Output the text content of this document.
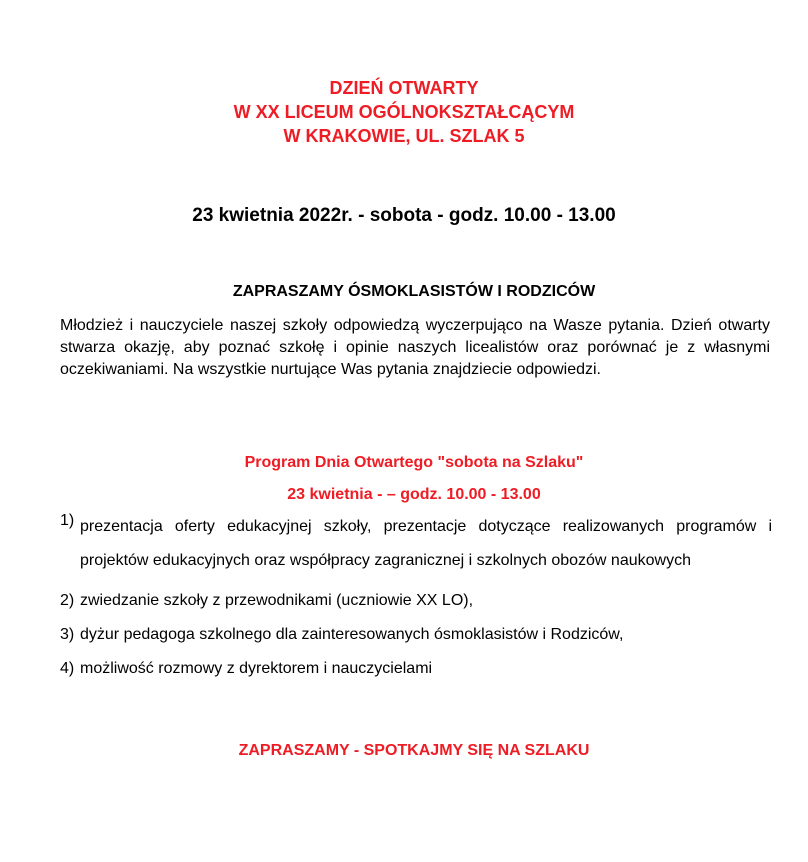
DZIEŃ OTWARTY
W XX LICEUM OGÓLNOKSZTAŁCĄCYM
W KRAKOWIE, UL. SZLAK 5
23 kwietnia 2022r. - sobota - godz. 10.00 - 13.00
ZAPRASZAMY ÓSMOKLASISTÓW I RODZICÓW
Młodzież i nauczyciele naszej szkoły odpowiedzą wyczerpująco na Wasze pytania. Dzień otwarty stwarza okazję, aby poznać szkołę i opinie naszych licealistów oraz porównać je z własnymi oczekiwaniami. Na wszystkie nurtujące Was pytania znajdziecie odpowiedzi.
Program Dnia Otwartego "sobota na Szlaku"
23 kwietnia - – godz. 10.00 - 13.00
1) prezentacja oferty edukacyjnej szkoły, prezentacje dotyczące realizowanych programów i projektów edukacyjnych oraz współpracy zagranicznej i szkolnych obozów naukowych
2) zwiedzanie szkoły z przewodnikami (uczniowie XX LO),
3) dyżur pedagoga szkolnego dla zainteresowanych ósmoklasistów i Rodziców,
4) możliwość rozmowy z dyrektorem i nauczycielami
ZAPRASZAMY - SPOTKAJMY SIĘ NA SZLAKU
